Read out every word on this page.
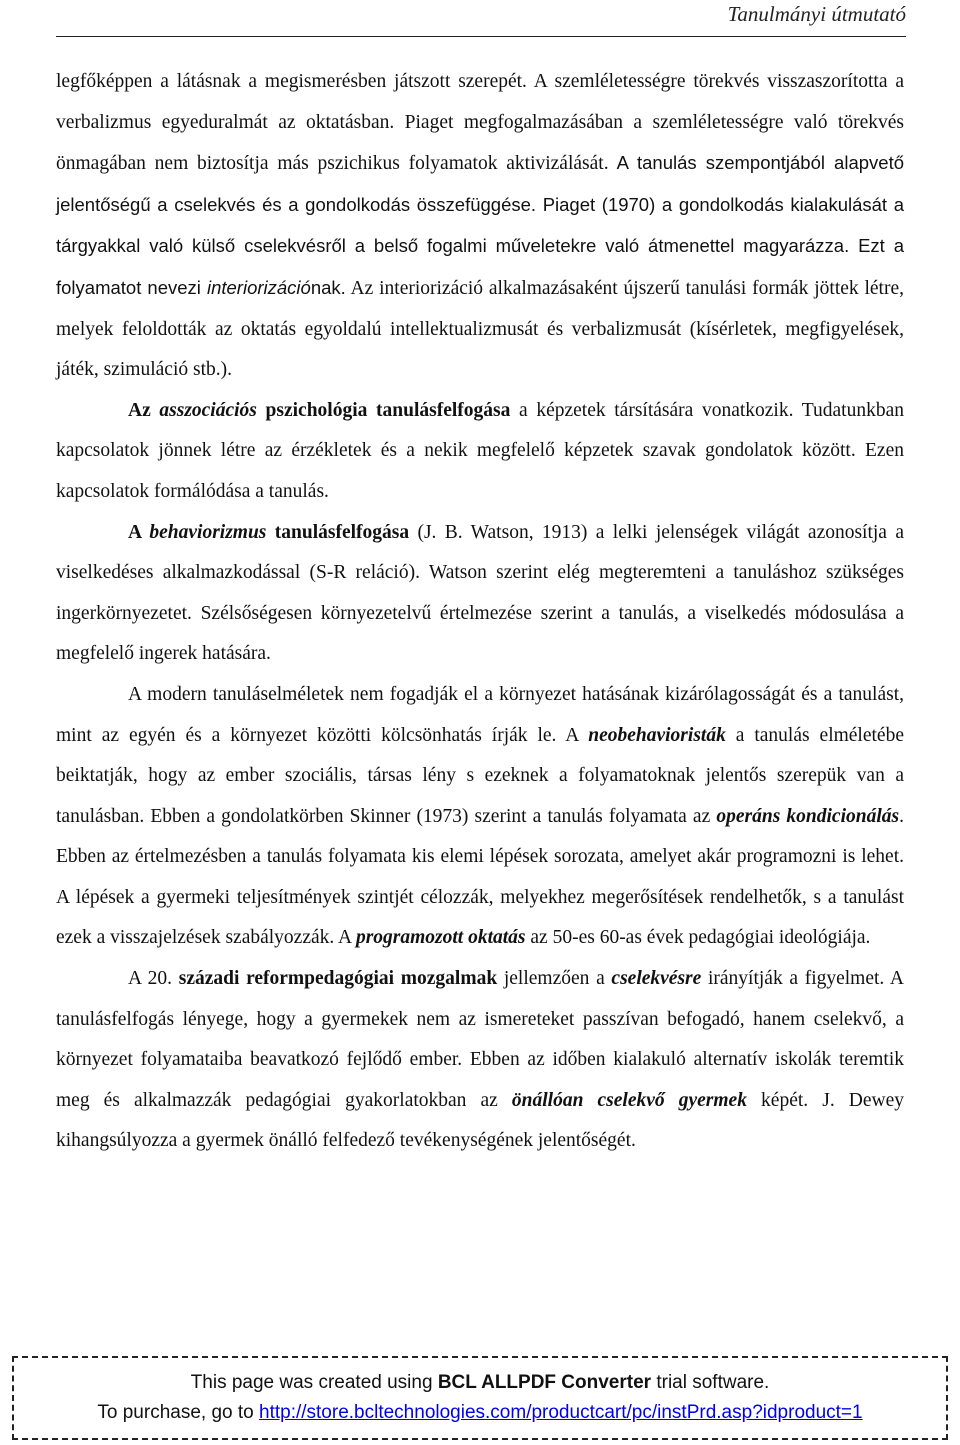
Tanulmányi útmutató

legfőképpen a látásnak a megismerésben játszott szerepét. A szemléletességre törekvés visszaszorította a verbalizmus egyeduralmát az oktatásban. Piaget megfogalmazásában a szemléletességre való törekvés önmagában nem biztosítja más pszichikus folyamatok aktivizálását. A tanulás szempontjából alapvető jelentőségű a cselekvés és a gondolkodás összefüggése. Piaget (1970) a gondolkodás kialakulását a tárgyakkal való külső cselekvésről a belső fogalmi műveletekre való átmenettel magyarázza. Ezt a folyamatot nevezi interiorizációnak. Az interiorizáció alkalmazásaként újszerű tanulási formák jöttek létre, melyek feloldották az oktatás egyoldalú intellektualizmusát és verbalizmusát (kísérletek, megfigyelések, játék, szimuláció stb.).

Az asszociációs pszichológia tanulásfelfogása a képzetek társítására vonatkozik. Tudatunkban kapcsolatok jönnek létre az érzékletek és a nekik megfelelő képzetek szavak gondolatok között. Ezen kapcsolatok formálódása a tanulás.

A behaviorizmus tanulásfelfogása (J. B. Watson, 1913) a lelki jelenségek világát azonosítja a viselkedéses alkalmazkodással (S-R reláció). Watson szerint elég megteremteni a tanuláshoz szükséges ingerkörnyezetet. Szélsőségesen környezetelvű értelmezése szerint a tanulás, a viselkedés módosulása a megfelelő ingerek hatására.

A modern tanuláselméletek nem fogadják el a környezet hatásának kizárólagosságát és a tanulást, mint az egyén és a környezet közötti kölcsönhatás írják le. A neobehavioristák a tanulás elméletébe beiktatják, hogy az ember szociális, társas lény s ezeknek a folyamatoknak jelentős szerepük van a tanulásban. Ebben a gondolatkörben Skinner (1973) szerint a tanulás folyamata az operáns kondicionálás. Ebben az értelmezésben a tanulás folyamata kis elemi lépések sorozata, amelyet akár programozni is lehet. A lépések a gyermeki teljesítmények szintjét célozzák, melyekhez megerősítések rendelhetők, s a tanulást ezek a visszajelzések szabályozzák. A programozott oktatás az 50-es 60-as évek pedagógiai ideológiája.

A 20. századi reformpedagógiai mozgalmak jellemzően a cselekvésre irányítják a figyelmet. A tanulásfelfogás lényege, hogy a gyermekek nem az ismereteket passzívan befogadó, hanem cselekvő, a környezet folyamataiba beavatkozó fejlődő ember. Ebben az időben kialakuló alternatív iskolák teremtik meg és alkalmazzák pedagógiai gyakorlatokban az önállóan cselekvő gyermek képét. J. Dewey kihangsúlyozza a gyermek önálló felfedező tevékenységének jelentőségét.

This page was created using BCL ALLPDF Converter trial software.
To purchase, go to http://store.bcltechnologies.com/productcart/pc/instPrd.asp?idproduct=1
